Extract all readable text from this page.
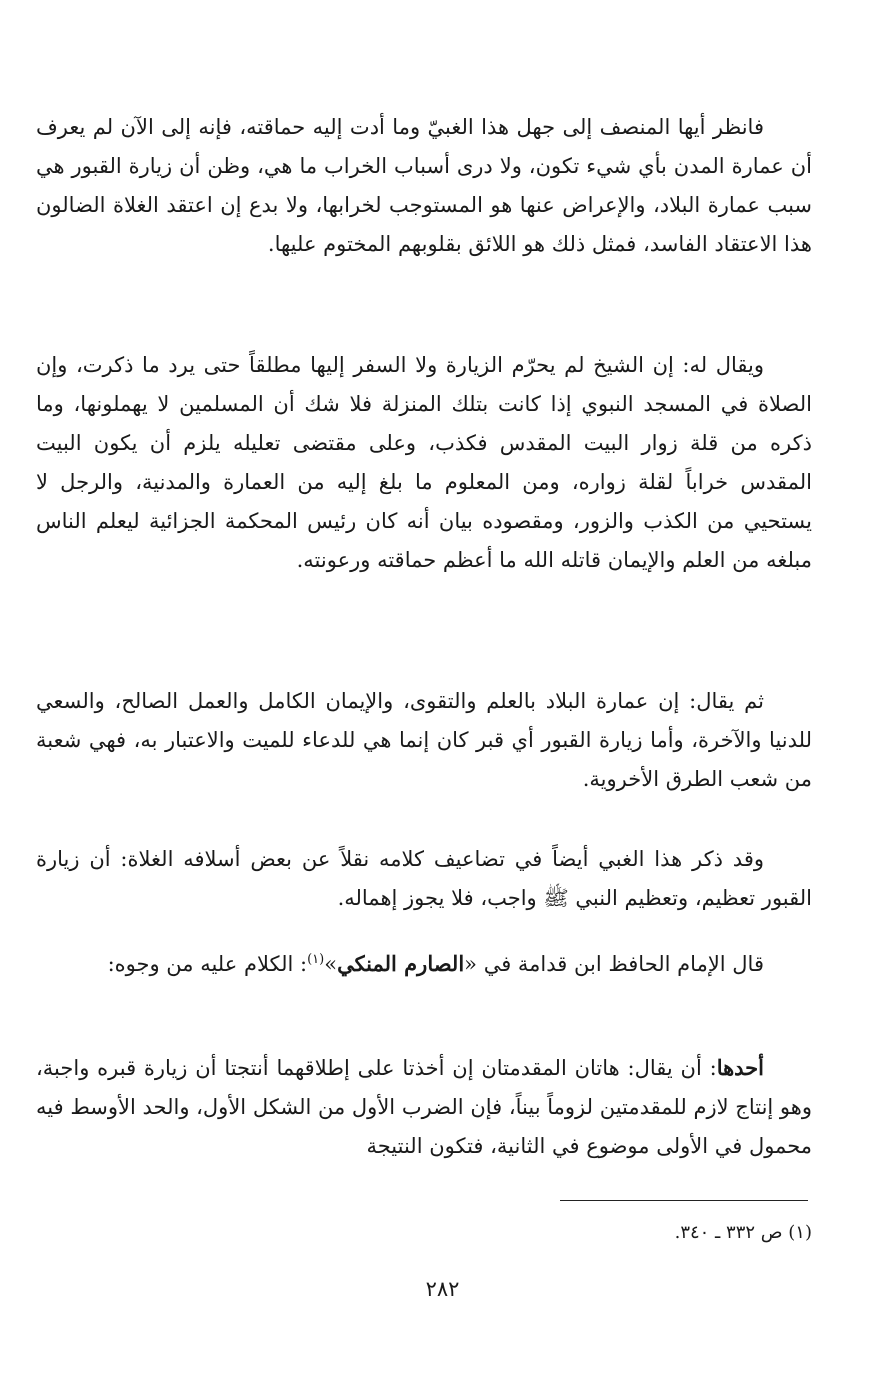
فانظر أيها المنصف إلى جهل هذا الغبيّ وما أدت إليه حماقته، فإنه إلى الآن لم يعرف أن عمارة المدن بأي شيء تكون، ولا درى أسباب الخراب ما هي، وظن أن زيارة القبور هي سبب عمارة البلاد، والإعراض عنها هو المستوجب لخرابها، ولا بدع إن اعتقد الغلاة الضالون هذا الاعتقاد الفاسد، فمثل ذلك هو اللائق بقلوبهم المختوم عليها.

ويقال له: إن الشيخ لم يحرّم الزيارة ولا السفر إليها مطلقاً حتى يرد ما ذكرت، وإن الصلاة في المسجد النبوي إذا كانت بتلك المنزلة فلا شك أن المسلمين لا يهملونها، وما ذكره من قلة زوار البيت المقدس فكذب، وعلى مقتضى تعليله يلزم أن يكون البيت المقدس خراباً لقلة زواره، ومن المعلوم ما بلغ إليه من العمارة والمدنية، والرجل لا يستحيي من الكذب والزور، ومقصوده بيان أنه كان رئيس المحكمة الجزائية ليعلم الناس مبلغه من العلم والإيمان قاتله الله ما أعظم حماقته ورعونته.

ثم يقال: إن عمارة البلاد بالعلم والتقوى، والإيمان الكامل والعمل الصالح، والسعي للدنيا والآخرة، وأما زيارة القبور أي قبر كان إنما هي للدعاء للميت والاعتبار به، فهي شعبة من شعب الطرق الأخروية.

وقد ذكر هذا الغبي أيضاً في تضاعيف كلامه نقلاً عن بعض أسلافه الغلاة: أن زيارة القبور تعظيم، وتعظيم النبي ﷺ واجب، فلا يجوز إهماله.

قال الإمام الحافظ ابن قدامة في «الصارم المنكي»$^{(١)}$: الكلام عليه من وجوه:

أحدها: أن يقال: هاتان المقدمتان إن أخذتا على إطلاقهما أنتجتا أن زيارة قبره واجبة، وهو إنتاج لازم للمقدمتين لزوماً بيناً، فإن الضرب الأول من الشكل الأول، والحد الأوسط فيه محمول في الأولى موضوع في الثانية، فتكون النتيجة

(١) ص ٣٣٢ ـ ٣٤٠.
٢٨٢
